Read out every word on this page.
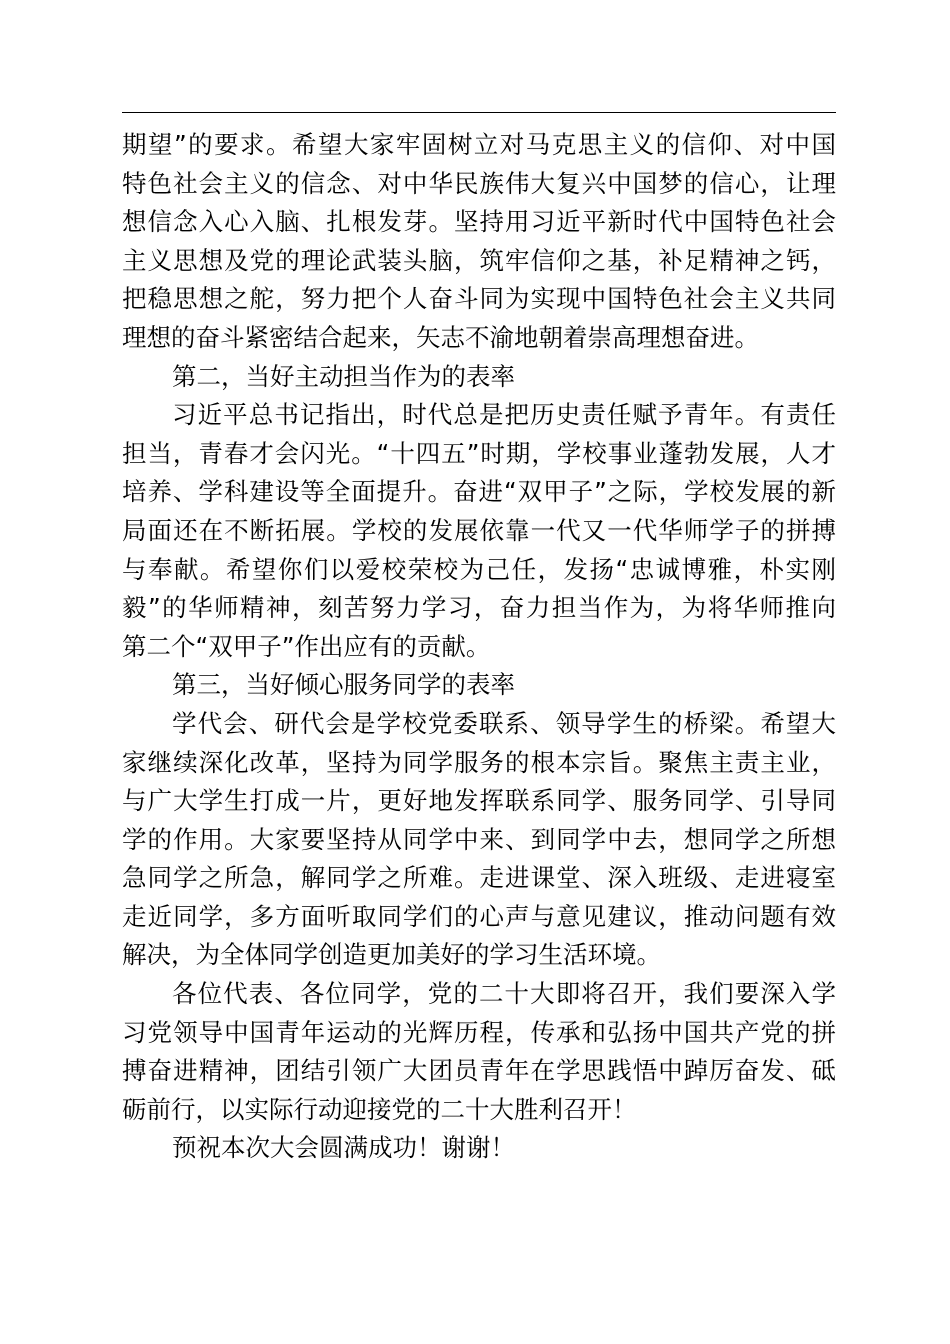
期望”的要求。希望大家牢固树立对马克思主义的信仰、对中国
特色社会主义的信念、对中华民族伟大复兴中国梦的信心，让理
想信念入心入脑、扎根发芽。坚持用习近平新时代中国特色社会
主义思想及党的理论武装头脑，筑牢信仰之基，补足精神之钙，
把稳思想之舵，努力把个人奋斗同为实现中国特色社会主义共同
理想的奋斗紧密结合起来，矢志不渝地朝着崇高理想奋进。
第二，当好主动担当作为的表率
习近平总书记指出，时代总是把历史责任赋予青年。有责任
担当，青春才会闪光。“十四五”时期，学校事业蓬勃发展，人才
培养、学科建设等全面提升。奋进“双甲子”之际，学校发展的新
局面还在不断拓展。学校的发展依靠一代又一代华师学子的拼搏
与奉献。希望你们以爱校荣校为己任，发扬“忠诚博雅，朴实刚
毅”的华师精神，刻苦努力学习，奋力担当作为，为将华师推向
第二个“双甲子”作出应有的贡献。
第三，当好倾心服务同学的表率
学代会、研代会是学校党委联系、领导学生的桥梁。希望大
家继续深化改革，坚持为同学服务的根本宗旨。聚焦主责主业，
与广大学生打成一片，更好地发挥联系同学、服务同学、引导同
学的作用。大家要坚持从同学中来、到同学中去，想同学之所想
急同学之所急，解同学之所难。走进课堂、深入班级、走进寝室
走近同学，多方面听取同学们的心声与意见建议，推动问题有效
解决，为全体同学创造更加美好的学习生活环境。
各位代表、各位同学，党的二十大即将召开，我们要深入学
习党领导中国青年运动的光辉历程，传承和弘扬中国共产党的拼
搏奋进精神，团结引领广大团员青年在学思践悟中踔厉奋发、砥
砺前行，以实际行动迎接党的二十大胜利召开！
预祝本次大会圆满成功！谢谢！
